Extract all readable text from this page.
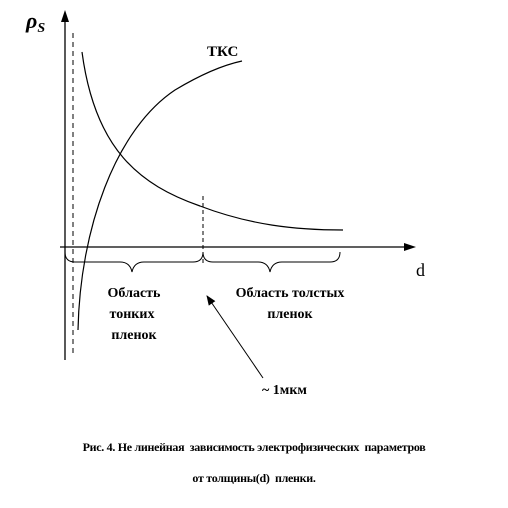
ρS
d
ТКС
Область
тонких
пленок
Область толстых
пленок
~ 1мкм
Рис. 4. Не линейная  зависимость электрофизических  параметров
от толщины(d)  пленки.
